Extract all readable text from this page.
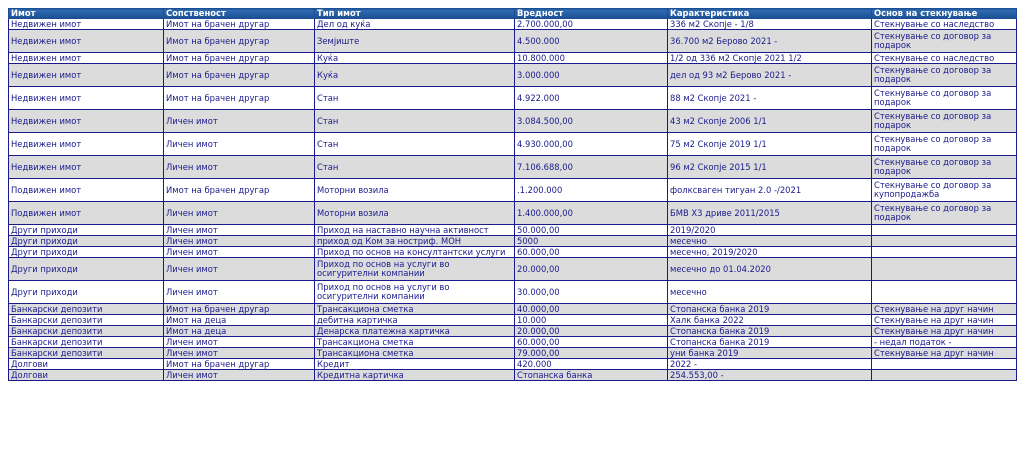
Имот	Сопственост	Тип имот	Вредност	Карактеристика	Основ на стекнување
Недвижен имот	Имот на брачен другар	Дел од куќа	2.700.000,00	336 м2 Скопје - 1/8	Стекнување со наследство
Недвижен имот	Имот на брачен другар	Земјиште	4.500.000	36.700 м2 Берово 2021 -	Стекнување со договор за подарок
Недвижен имот	Имот на брачен другар	Куќа	10.800.000	1/2 од 336 м2 Скопје 2021 1/2	Стекнување со наследство
Недвижен имот	Имот на брачен другар	Куќа	3.000.000	дел од 93 м2 Берово 2021 -	Стекнување со договор за подарок
Недвижен имот	Имот на брачен другар	Стан	4.922.000	88 м2 Скопје 2021 -	Стекнување со договор за подарок
Недвижен имот	Личен имот	Стан	3.084.500,00	43 м2 Скопје 2006 1/1	Стекнување со договор за подарок
Недвижен имот	Личен имот	Стан	4.930.000,00	75 м2 Скопје 2019 1/1	Стекнување со договор за подарок
Недвижен имот	Личен имот	Стан	7.106.688,00	96 м2 Скопје 2015 1/1	Стекнување со договор за подарок
Подвижен имот	Имот на брачен другар	Моторни возила	.1.200.000	фолксваген тигуан 2.0 -/2021	Стекнување со договор за купопродажба
Подвижен имот	Личен имот	Моторни возила	1.400.000,00	БМВ X3 дриве 2011/2015	Стекнување со договор за подарок
Други приходи	Личен имот	Приход на наставно научна активност	50.000,00	2019/2020	
Други приходи	Личен имот	приход од Ком за ностриф. МОН	5000	месечно	
Други приходи	Личен имот	Приход по основ на консултантски услуги	60.000,00	месечно, 2019/2020	
Други приходи	Личен имот	Приход по основ на услуги во осигурителни компании	20.000,00	месечно до 01.04.2020	
Други приходи	Личен имот	Приход по основ на услуги во осигурителни компании	30.000,00	месечно	
Банкарски депозити	Имот на брачен другар	Трансакциона сметка	40.000,00	Стопанска банка 2019	Стекнување на друг начин
Банкарски депозити	Имот на деца	дебитна картичка	10.000	Халк банка 2022	Стекнување на друг начин
Банкарски депозити	Имот на деца	Денарска платежна картичка	20.000,00	Стопанска банка 2019	Стекнување на друг начин
Банкарски депозити	Личен имот	Трансакциона сметка	60.000,00	Стопанска банка 2019	- недал податок -
Банкарски депозити	Личен имот	Трансакциона сметка	79.000,00	уни банка 2019	Стекнување на друг начин
Долгови	Имот на брачен другар	Кредит	420.000	2022 -	
Долгови	Личен имот	Кредитна картичка	Стопанска банка	254.553,00 -	
